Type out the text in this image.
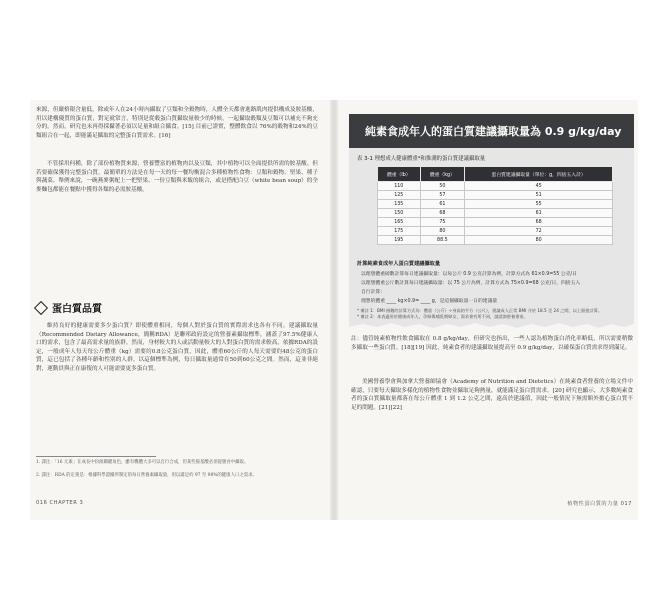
來源，但嚴格限含量低，除或年人在24小時內攝取了豆類和全穀物時，人體全天都會進路肌肉提供構成及胺基酸，用以建構優質的蛋白質，對足就常言，特別是從穀蛋白質攝取量較少的時候，一起攝取穀類及豆類可以補充不夠充分的。然而，研究也未再得採攝著必須以足量和組合攝食。[15] 目前已證實，整體飲食以 76%的穀物和24%的豆類組合在一起，即能滿足攝取的完整蛋白質需求。[16]

不管採用何種，除了部份植物質來源，營養豐富的植物肉以及豆類，其中植物可以全面提供所需的胺基酸。但若要確保獲得完整蛋白質，最簡單的方法是在每一天的每一餐均衡混合多種植物性食物：豆類和穀物、堅果、種子與蔬菜。舉例來說，一碗燕麥粥配上一把堅果、一份豆類與米飯的組合，或是搭配白豆（white bean soup）的全麥麵包都能在餐點中獲得各類的必需胺基酸。

蛋白質品質

維持良好的健康需要多少蛋白質？即使體重相同，每個人對於蛋白質的實際需求也各有不同。建議攝取量（Recommended Dietary Allowance，簡稱RDA）是聯邦政府設定的營養素攝取標準，涵蓋了97.5%健康人口的需求，包含了最高需求量的族群。然而，身材較大的人或活動量較大的人對蛋白質的需求較高，依據RDA的設定，一般成年人每天每公斤體重（kg）需要約0.8公克蛋白質，因此，體重60公斤的人每天需要約48公克的蛋白質，這已包括了各種年齡和性別的人群。以這個標準為例，每日攝取量通常在50到60公克之間。然而，這並非絕對，運動員與正在康復的人可能需要更多蛋白質。

1. 譯注：「16 元素」在成長中扮演關鍵角色，雖有機體大多可以自行合成，但某些胺基酸必須從膳食中攝取。
2. 譯注：RDA 的定義是：根據科學證據所制定的每日營養素攝取量，用以滿足約 97 至 98%的健康人口之需求。
016 CHAPTER 3
純素食成年人的蛋白質建議攝取量為 0.9 g/kg/day
表 3-1 理想成人健康體重*和推測的蛋白質建議攝取量
體重（lb）	體重（kg）	蛋白質建議攝取量（單位：g，四捨五入計）
110	50	45
125	57	51
135	61	55
150	68	61
165	75	68
175	80	72
195	88.5	80
計算純素食成年人蛋白質建議攝取量
以理想體重磅數計算每日建議攝取量：以每公斤 0.9 公克計算為例，計算方式為 61×0.9=55 公克/日
以理想體重公斤數計算每日建議攝取量：以 75 公斤為例，計算方式為 75×0.9=68 公克/日，四捨五入
自行計算：
理想的體重 ____ kg×0.9= ____ g，是這個攝取量一日的建議量
* 備註 1：BMI 指數的計算方式為：體重（公斤）÷身高的平方（公尺），建議成人正常 BMI 介於 18.5 至 24 之間，以上限值計算。
* 備註 2：本表適用於健康成年人，孕婦與哺乳期婦女，需求會有所不同，請諮詢營養專家。

註：儘管純素植物性飲食攝取在 0.8 g/kg/day，但研究也指出，一些人認為植物蛋白消化率略低，所以需要稍微多攝取一些蛋白質。[18][19] 因此，純素食者的建議攝取量提高至 0.9 g/kg/day，以確保蛋白質需求得到滿足。

美國營養學會與加拿大營養師協會（Academy of Nutrition and Dietetics）在純素食者營養的立場文件中確認，只要每天攝取多樣化的植物性食物並攝取足夠熱量，就能滿足蛋白質需求。[20] 研究也顯示，大多數純素食者的蛋白質攝取量都落在每公斤體重 1 到 1.2 公克之間，遠高於建議值，因此一般情況下無需額外擔心蛋白質不足的問題。[21][22]

植物性蛋白質的力量 017
